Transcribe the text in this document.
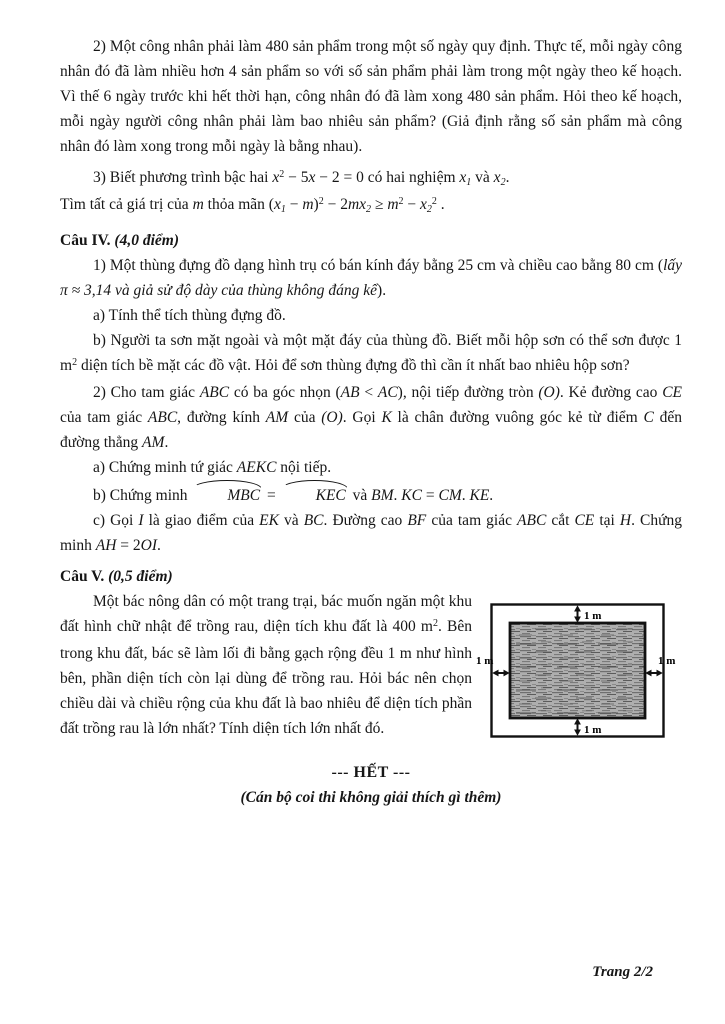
2) Một công nhân phải làm 480 sản phẩm trong một số ngày quy định. Thực tế, mỗi ngày công nhân đó đã làm nhiều hơn 4 sản phẩm so với số sản phẩm phải làm trong một ngày theo kế hoạch. Vì thế 6 ngày trước khi hết thời hạn, công nhân đó đã làm xong 480 sản phẩm. Hỏi theo kế hoạch, mỗi ngày người công nhân phải làm bao nhiêu sản phẩm? (Giả định rằng số sản phẩm mà công nhân đó làm xong trong mỗi ngày là bằng nhau).

3) Biết phương trình bậc hai $x^2 - 5x - 2 = 0$ có hai nghiệm x1 và x2.

Tìm tất cả giá trị của m thỏa mãn $(x1 - m)^2 - 2mx2 \ge m^2 - x2^2$ .

Câu IV. (4,0 điểm)

1) Một thùng đựng đồ dạng hình trụ có bán kính đáy bằng 25 cm và chiều cao bằng 80 cm (lấy π ≈ 3,14 và giả sử độ dày của thùng không đáng kể).

a) Tính thể tích thùng đựng đồ.

b) Người ta sơn mặt ngoài và một mặt đáy của thùng đồ. Biết mỗi hộp sơn có thể sơn được 1 $m^2$ diện tích bề mặt các đồ vật. Hỏi để sơn thùng đựng đồ thì cần ít nhất bao nhiêu hộp sơn?

2) Cho tam giác ABC có ba góc nhọn (AB < AC), nội tiếp đường tròn (O). Kẻ đường cao CE của tam giác ABC, đường kính AM của (O). Gọi K là chân đường vuông góc kẻ từ điểm C đến đường thẳng AM.

a) Chứng minh tứ giác AEKC nội tiếp.

b) Chứng minh MBC = KEC và BM. KC = CM. KE.

c) Gọi I là giao điểm của EK và BC. Đường cao BF của tam giác ABC cắt CE tại H. Chứng minh AH = 2OI.

Câu V. (0,5 điểm)

Một bác nông dân có một trang trại, bác muốn ngăn một khu đất hình chữ nhật để trồng rau, diện tích khu đất là 400 $m^2$. Bên trong khu đất, bác sẽ làm lối đi bằng gạch rộng đều 1 m như hình bên, phần diện tích còn lại dùng để trồng rau. Hỏi bác nên chọn chiều dài và chiều rộng của khu đất là bao nhiêu để diện tích phần đất trồng rau là lớn nhất? Tính diện tích lớn nhất đó.

1 m
1 m
1 m	1 m

--- HẾT ---

(Cán bộ coi thi không giải thích gì thêm)

Trang 2/2
